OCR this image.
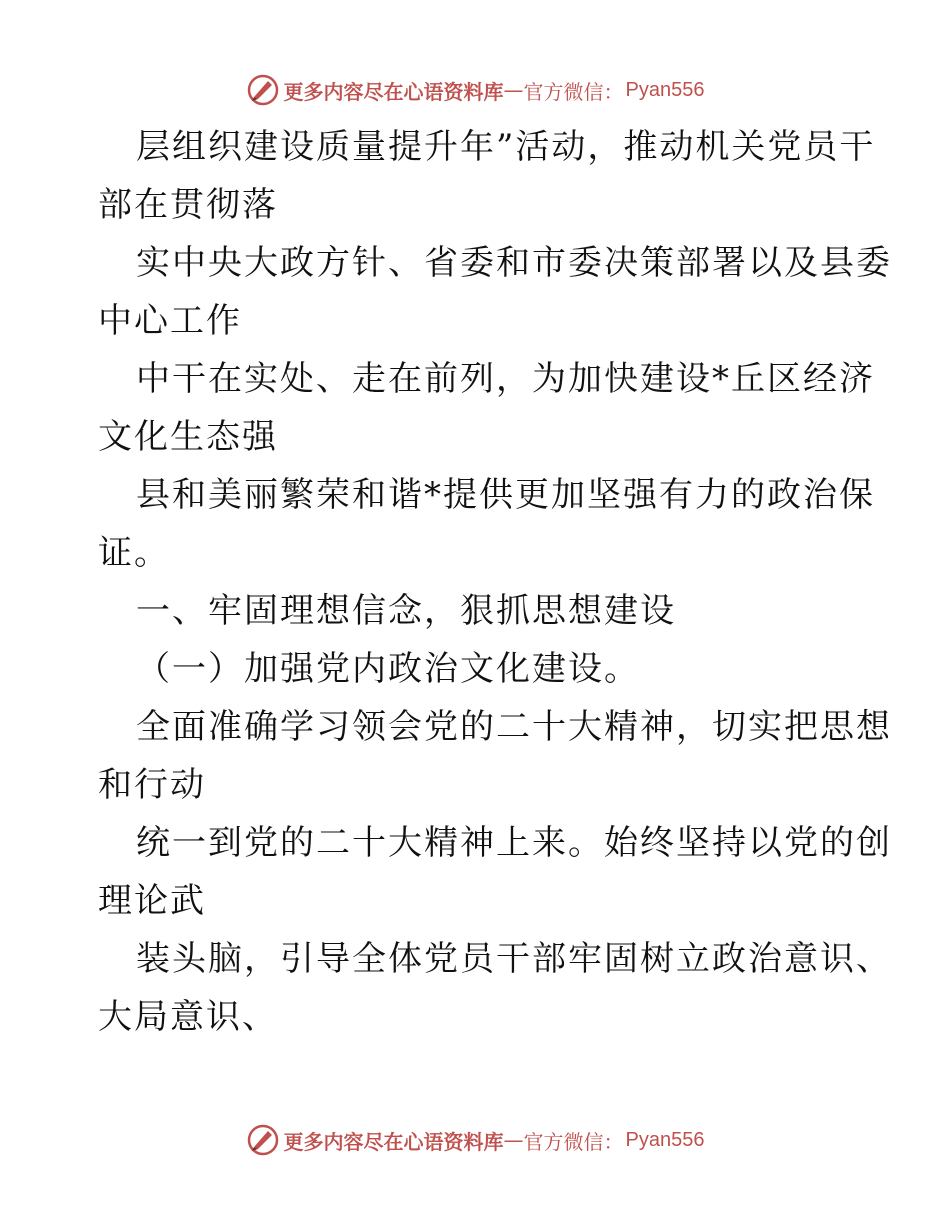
更多内容尽在心语资料库 — 官方微信： Pyan556
层组织建设质量提升年”活动，推动机关党员干
部在贯彻落
实中央大政方针、省委和市委决策部署以及县委
中心工作
中干在实处、走在前列，为加快建设*丘区经济
文化生态强
县和美丽繁荣和谐*提供更加坚强有力的政治保
证。
一、牢固理想信念，狠抓思想建设
（一）加强党内政治文化建设。
全面准确学习领会党的二十大精神，切实把思想
和行动
统一到党的二十大精神上来。始终坚持以党的创
理论武
装头脑，引导全体党员干部牢固树立政治意识、
大局意识、
更多内容尽在心语资料库 — 官方微信： Pyan556
